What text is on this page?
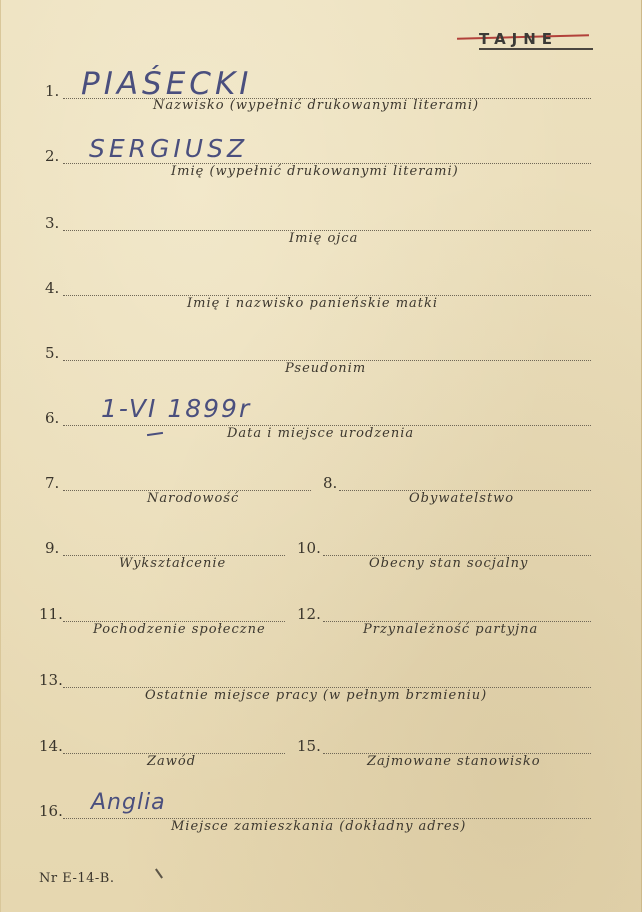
TAJNE
1. PIAŚECKI
Nazwisko (wypełnić drukowanymi literami)
2. SERGIUSZ
Imię (wypełnić drukowanymi literami)
3.
Imię ojca
4.
Imię i nazwisko panieńskie matki
5.
Pseudonim
6. 1-VI 1899r
Data i miejsce urodzenia
7.
Narodowość
8.
Obywatelstwo
9.
Wykształcenie
10.
Obecny stan socjalny
11.
Pochodzenie społeczne
12.
Przynależność partyjna
13.
Ostatnie miejsce pracy (w pełnym brzmieniu)
14.
Zawód
15.
Zajmowane stanowisko
16. Anglia
Miejsce zamieszkania (dokładny adres)
Nr E-14-B.
